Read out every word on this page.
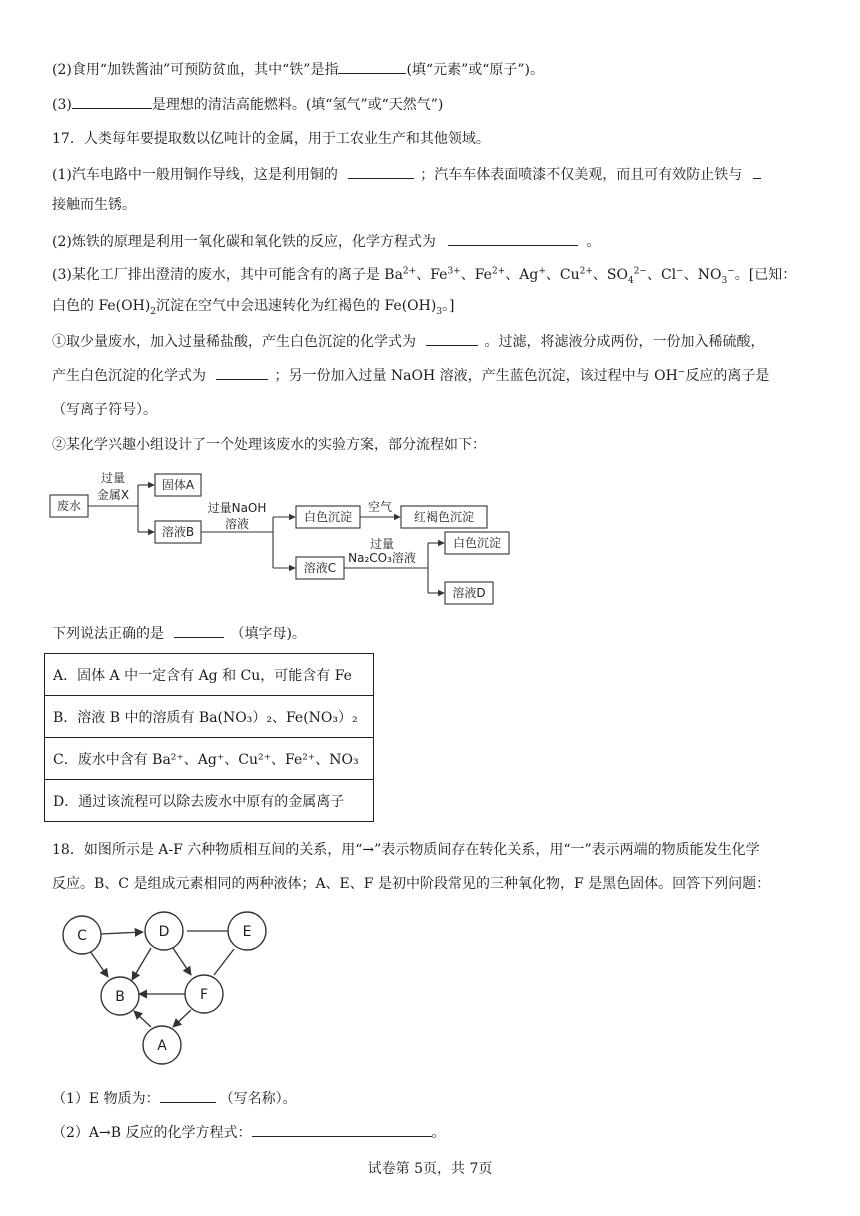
(2)食用“加铁酱油”可预防贫血，其中“铁”是指	(填“元素”或“原子”)。
(3)	是理想的清洁高能燃料。(填“氢气”或“天然气”)
17．人类每年要提取数以亿吨计的金属，用于工农业生产和其他领域。
(1)汽车电路中一般用铜作导线，这是利用铜的	；汽车车体表面喷漆不仅美观，而且可有效防止铁与
接触而生锈。
(2)炼铁的原理是利用一氧化碳和氧化铁的反应，化学方程式为	。
(3)某化工厂排出澄清的废水，其中可能含有的离子是 $Ba^{2+}$、$Fe^{3+}$、$Fe^{2+}$、Ag+、$Cu^{2+}$、$SO_4^{2-}$、Cl−、$NO_3^-$。[已知：
白色的 $Fe(OH)_2$沉淀在空气中会迅速转化为红褐色的 $Fe(OH)_3$。]
①取少量废水，加入过量稀盐酸，产生白色沉淀的化学式为	。过滤，将滤液分成两份，一份加入稀硫酸，
产生白色沉淀的化学式为	；另一份加入过量 NaOH 溶液，产生蓝色沉淀，该过程中与 OH−反应的离子是
（写离子符号）。
②某化学兴趣小组设计了一个处理该废水的实验方案，部分流程如下：
废水
过量
金属X
固体A
溶液B
过量NaOH
溶液	白色沉淀
空气
红褐色沉淀
溶液C
过量
Na₂CO₃溶液
白色沉淀
溶液D
下列说法正确的是	（填字母)。
A．固体 A 中一定含有 Ag 和 Cu，可能含有 Fe
B．溶液 B 中的溶质有 Ba(NO₃）₂、Fe(NO₃）₂
C．废水中含有 Ba²⁺、Ag⁺、Cu²⁺、Fe²⁺、NO₃
D．通过该流程可以除去废水中原有的金属离子
18．如图所示是 A-F 六种物质相互间的关系，用“→”表示物质间存在转化关系，用“一”表示两端的物质能发生化学
反应。B、C 是组成元素相同的两种液体；A、E、F 是初中阶段常见的三种氧化物，F 是黑色固体。回答下列问题：
C	D	E
B	F
A
（1）E 物质为：	（写名称）。
（2）A→B 反应的化学方程式：	。
试卷第 5页，共 7页
